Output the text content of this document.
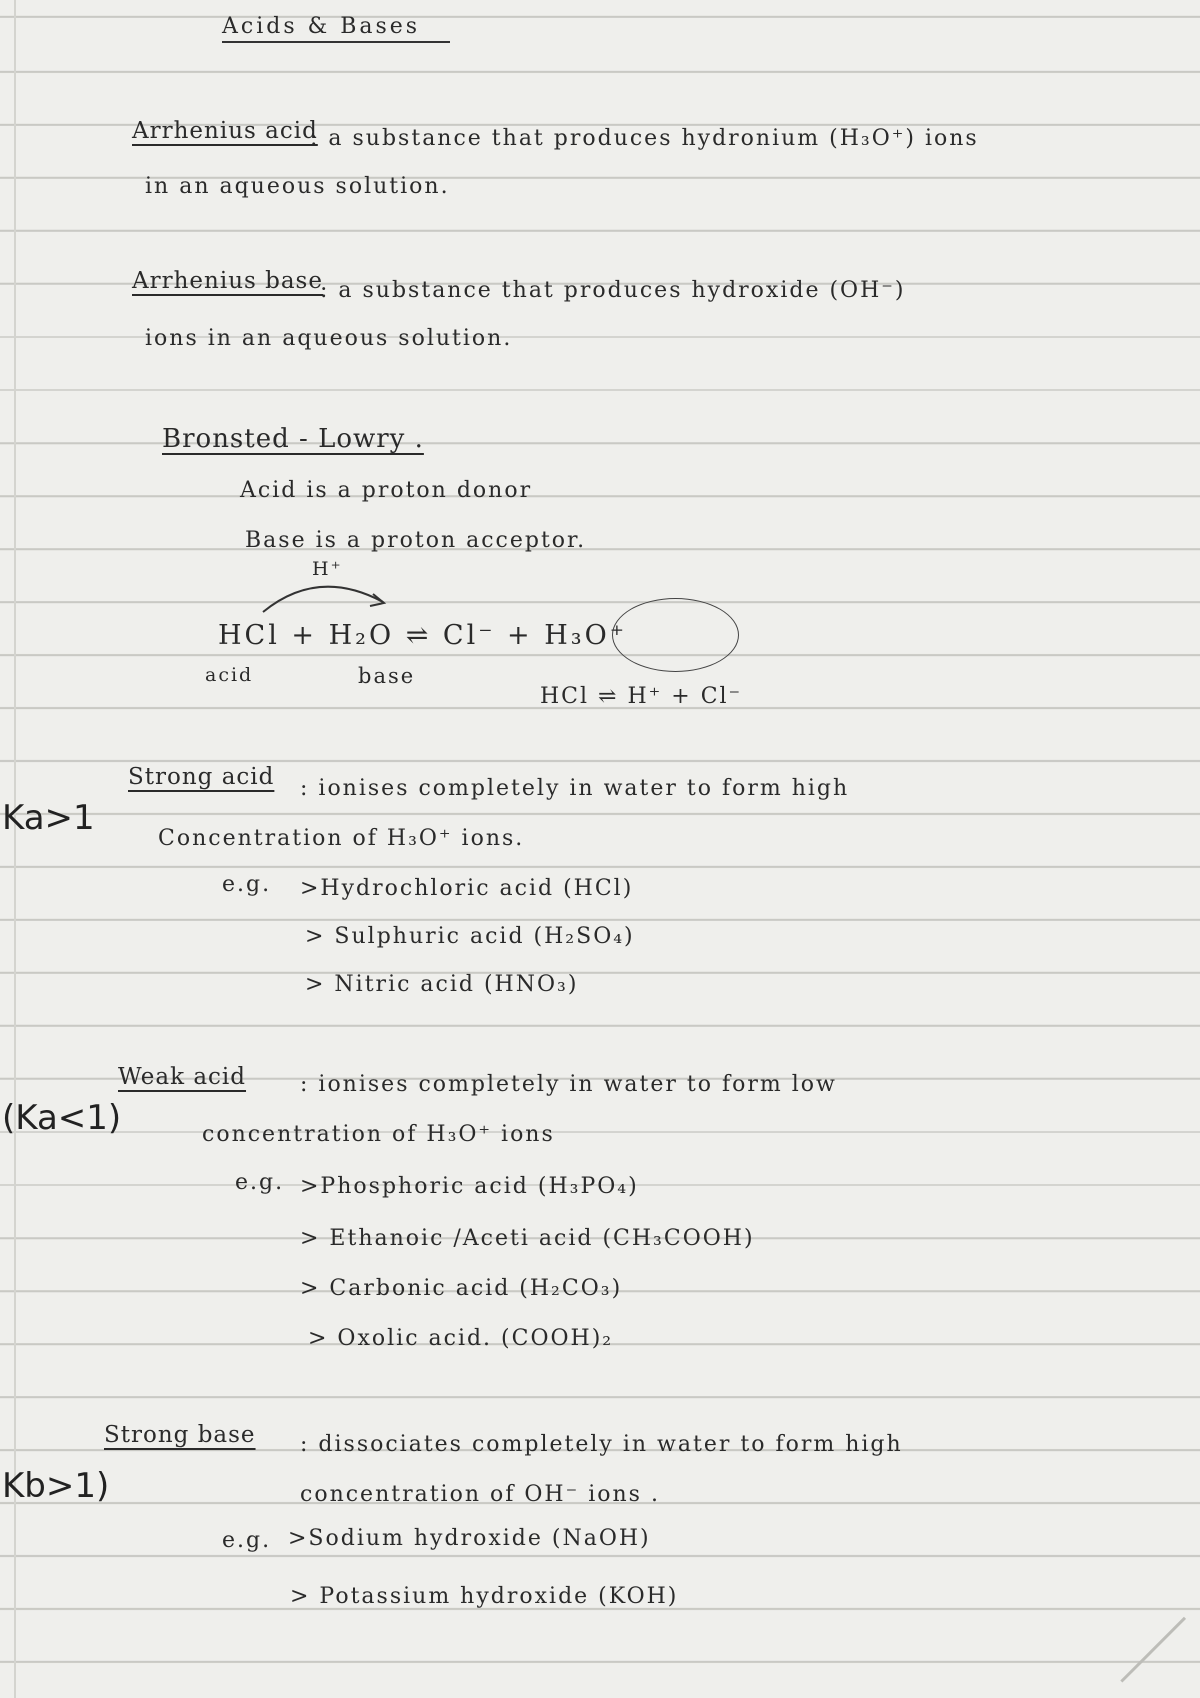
Acids & Bases
Arrhenius acid
: a substance that produces hydronium (H₃O⁺) ions
in an aqueous solution.
Arrhenius base
: a substance that produces hydroxide (OH⁻)
ions in an aqueous solution.
Bronsted - Lowry .
Acid is a proton donor
Base is a proton acceptor.
H⁺
HCl + H₂O ⇌ Cl⁻ + H₃O⁺
acid	base
HCl ⇌ H⁺ + Cl⁻
Ka>1
Strong acid : ionises completely in water to form high
Concentration of H₃O⁺ ions.
e.g. >Hydrochloric acid (HCl)
> Sulphuric acid (H₂SO₄)
> Nitric acid (HNO₃)
(Ka<1)
Weak acid : ionises completely in water to form low
concentration of H₃O⁺ ions
e.g. >Phosphoric acid (H₃PO₄)
> Ethanoic /Aceti acid (CH₃COOH)
> Carbonic acid (H₂CO₃)
> Oxolic acid. (COOH)₂
Kb>1)
Strong base : dissociates completely in water to form high
concentration of OH⁻ ions .
e.g. >Sodium hydroxide (NaOH)
> Potassium hydroxide (KOH)
